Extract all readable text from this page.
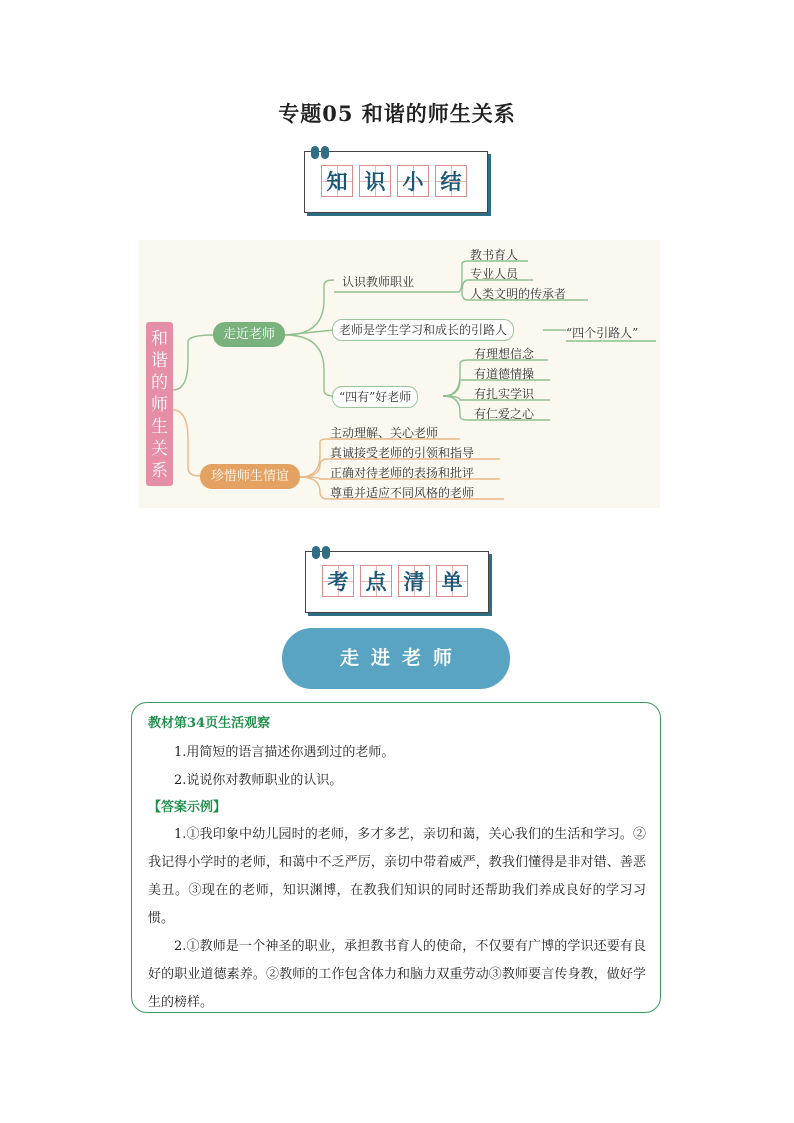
专题05 和谐的师生关系
知 识 小 结
和谐的师生关系
走近老师
珍惜师生情谊
认识教师职业
教书育人
专业人员
人类文明的传承者
老师是学生学习和成长的引路人	“四个引路人”
“四有”好老师
有理想信念
有道德情操
有扎实学识
有仁爱之心
主动理解、关心老师
真诚接受老师的引领和指导
正确对待老师的表扬和批评
尊重并适应不同风格的老师
考 点 清 单
走进老师
教材第34页生活观察
1.用简短的语言描述你遇到过的老师。
2.说说你对教师职业的认识。
【答案示例】
1.①我印象中幼儿园时的老师，多才多艺，亲切和蔼，关心我们的生活和学习。②我记得小学时的老师，和蔼中不乏严厉，亲切中带着威严，教我们懂得是非对错、善恶美丑。③现在的老师，知识渊博，在教我们知识的同时还帮助我们养成良好的学习习惯。
2.①教师是一个神圣的职业，承担教书育人的使命，不仅要有广博的学识还要有良好的职业道德素养。②教师的工作包含体力和脑力双重劳动③教师要言传身教，做好学生的榜样。
